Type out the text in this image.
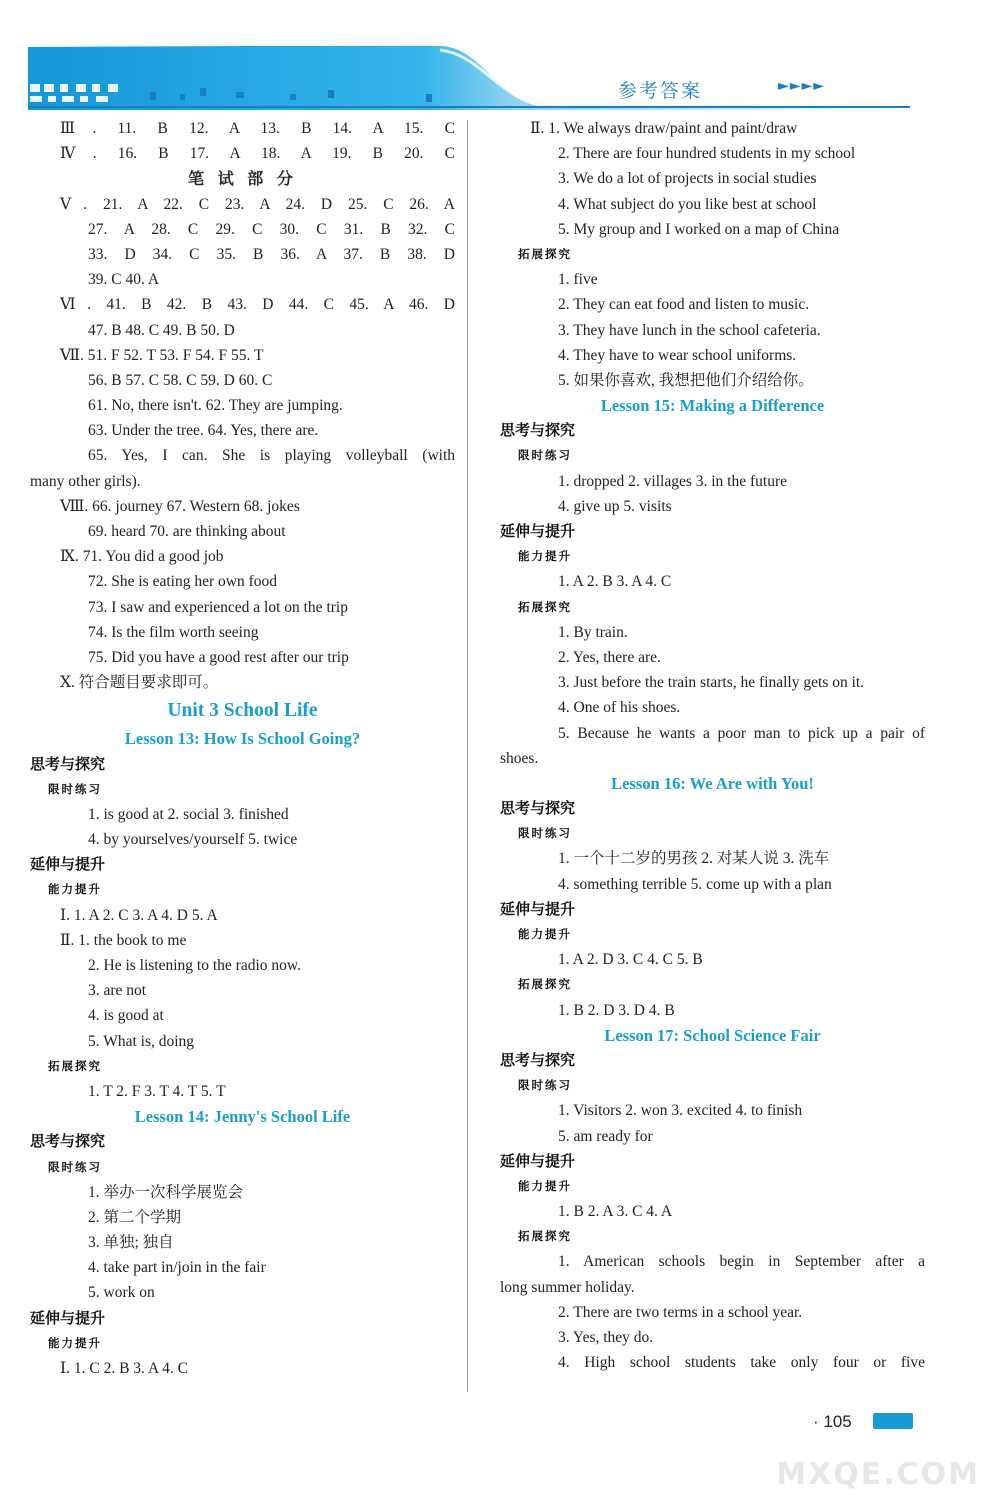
参考答案	►►►►
Ⅲ. 11. B 12. A 13. B 14. A 15. C
Ⅳ. 16. B 17. A 18. A 19. B 20. C
笔 试 部 分
Ⅴ. 21. A 22. C 23. A 24. D 25. C 26. A
27. A 28. C 29. C 30. C 31. B 32. C
33. D 34. C 35. B 36. A 37. B 38. D
39. C 40. A
Ⅵ. 41. B 42. B 43. D 44. C 45. A 46. D
47. B 48. C 49. B 50. D
Ⅶ. 51. F 52. T 53. F 54. F 55. T
56. B 57. C 58. C 59. D 60. C
61. No, there isn't. 62. They are jumping.
63. Under the tree. 64. Yes, there are.
65. Yes, I can. She is playing volleyball (with
many other girls).
Ⅷ. 66. journey 67. Western 68. jokes
69. heard 70. are thinking about
Ⅸ. 71. You did a good job
72. She is eating her own food
73. I saw and experienced a lot on the trip
74. Is the film worth seeing
75. Did you have a good rest after our trip
Ⅹ. 符合题目要求即可。
Unit 3 School Life
Lesson 13: How Is School Going?
思考与探究
限时练习
1. is good at 2. social 3. finished
4. by yourselves/yourself 5. twice
延伸与提升
能力提升
Ⅰ. 1. A 2. C 3. A 4. D 5. A
Ⅱ. 1. the book to me
2. He is listening to the radio now.
3. are not
4. is good at
5. What is, doing
拓展探究
1. T 2. F 3. T 4. T 5. T
Lesson 14: Jenny's School Life
思考与探究
限时练习
1. 举办一次科学展览会
2. 第二个学期
3. 单独; 独自
4. take part in/join in the fair
5. work on
延伸与提升
能力提升
Ⅰ. 1. C 2. B 3. A 4. C
Ⅱ. 1. We always draw/paint and paint/draw
2. There are four hundred students in my school
3. We do a lot of projects in social studies
4. What subject do you like best at school
5. My group and I worked on a map of China
拓展探究
1. five
2. They can eat food and listen to music.
3. They have lunch in the school cafeteria.
4. They have to wear school uniforms.
5. 如果你喜欢, 我想把他们介绍给你。
Lesson 15: Making a Difference
思考与探究
限时练习
1. dropped 2. villages 3. in the future
4. give up 5. visits
延伸与提升
能力提升
1. A 2. B 3. A 4. C
拓展探究
1. By train.
2. Yes, there are.
3. Just before the train starts, he finally gets on it.
4. One of his shoes.
5. Because he wants a poor man to pick up a pair of
shoes.
Lesson 16: We Are with You!
思考与探究
限时练习
1. 一个十二岁的男孩 2. 对某人说 3. 洗车
4. something terrible 5. come up with a plan
延伸与提升
能力提升
1. A 2. D 3. C 4. C 5. B
拓展探究
1. B 2. D 3. D 4. B
Lesson 17: School Science Fair
思考与探究
限时练习
1. Visitors 2. won 3. excited 4. to finish
5. am ready for
延伸与提升
能力提升
1. B 2. A 3. C 4. A
拓展探究
1. American schools begin in September after a
long summer holiday.
2. There are two terms in a school year.
3. Yes, they do.
4. High school students take only four or five
· 105
MXQE.COM
